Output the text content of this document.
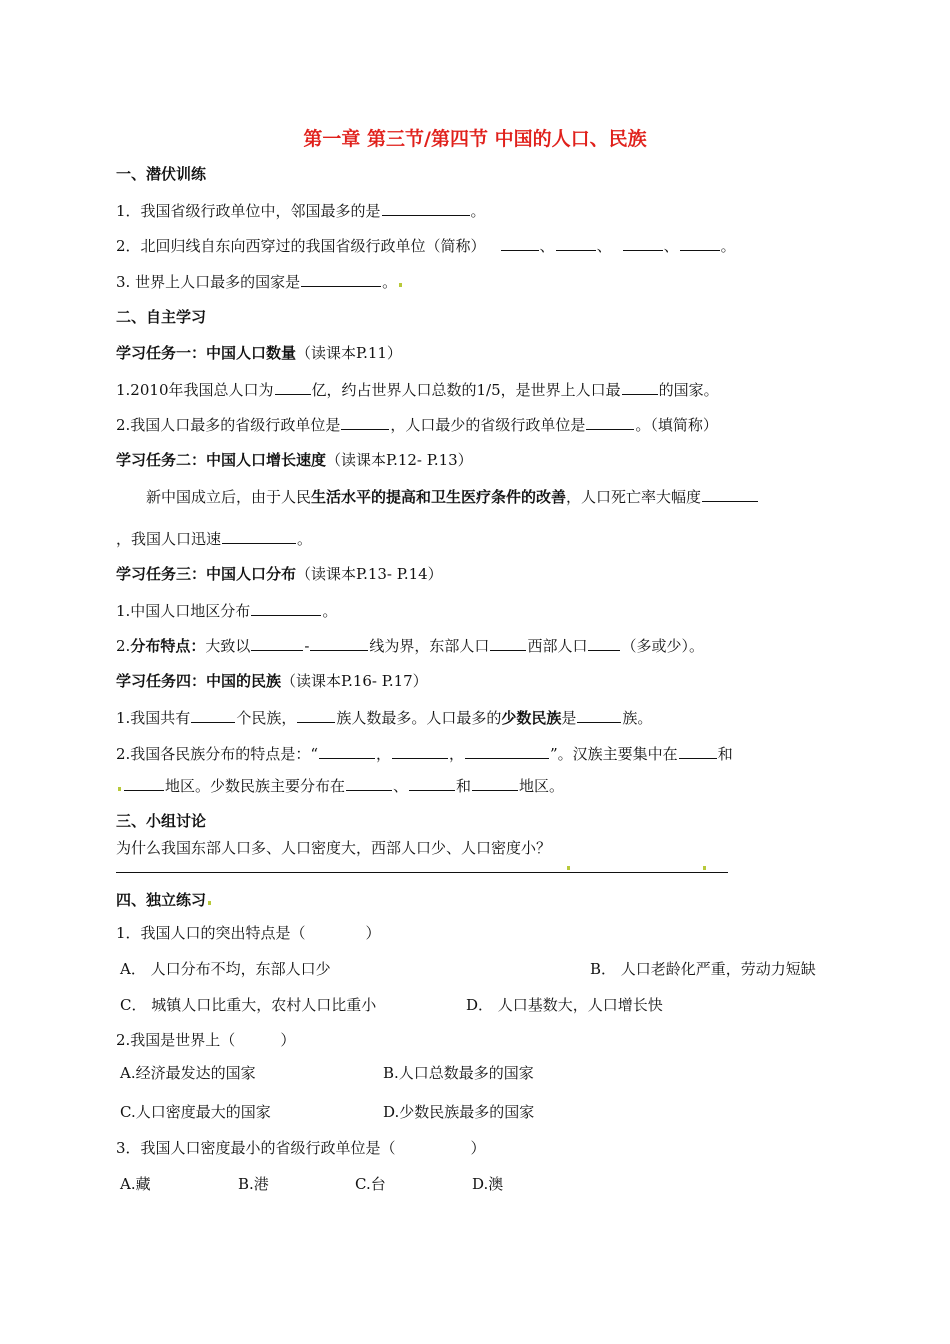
第一章 第三节/第四节 中国的人口、民族
一、潜伏训练
1．我国省级行政单位中，邻国最多的是	。
2．北回归线自东向西穿过的我国省级行政单位（简称）	、	、	、	。
3. 世界上人口最多的国家是	。
二、自主学习
学习任务一：中国人口数量（读课本P.11）
1.2010年我国总人口为	亿，约占世界人口总数的1/5，是世界上人口最	的国家。
2.我国人口最多的省级行政单位是	，人口最少的省级行政单位是	。（填简称）
学习任务二：中国人口增长速度（读课本P.12- P.13）
新中国成立后，由于人民生活水平的提高和卫生医疗条件的改善，人口死亡率大幅度
，我国人口迅速	。
学习任务三：中国人口分布（读课本P.13- P.14）
1.中国人口地区分布	。
2.分布特点：大致以	-	线为界，东部人口	西部人口 （多或少）。
学习任务四：中国的民族（读课本P.16- P.17）
1.我国共有	个民族，	族人数最多。人口最多的少数民族是	族。
2.我国各民族分布的特点是：“	，	，	”。汉族主要集中在	和
地区。少数民族主要分布在	、	和	地区。
三、小组讨论
为什么我国东部人口多、人口密度大，西部人口少、人口密度小？
四、独立练习
1．我国人口的突出特点是（　　　　）
A． 人口分布不均，东部人口少	B． 人口老龄化严重，劳动力短缺
C． 城镇人口比重大，农村人口比重小	D． 人口基数大，人口增长快
2.我国是世界上（　　　）
A.经济最发达的国家	B.人口总数最多的国家
C.人口密度最大的国家	D.少数民族最多的国家
3．我国人口密度最小的省级行政单位是（　　　　　）
A.藏	B.港	C.台	D.澳
